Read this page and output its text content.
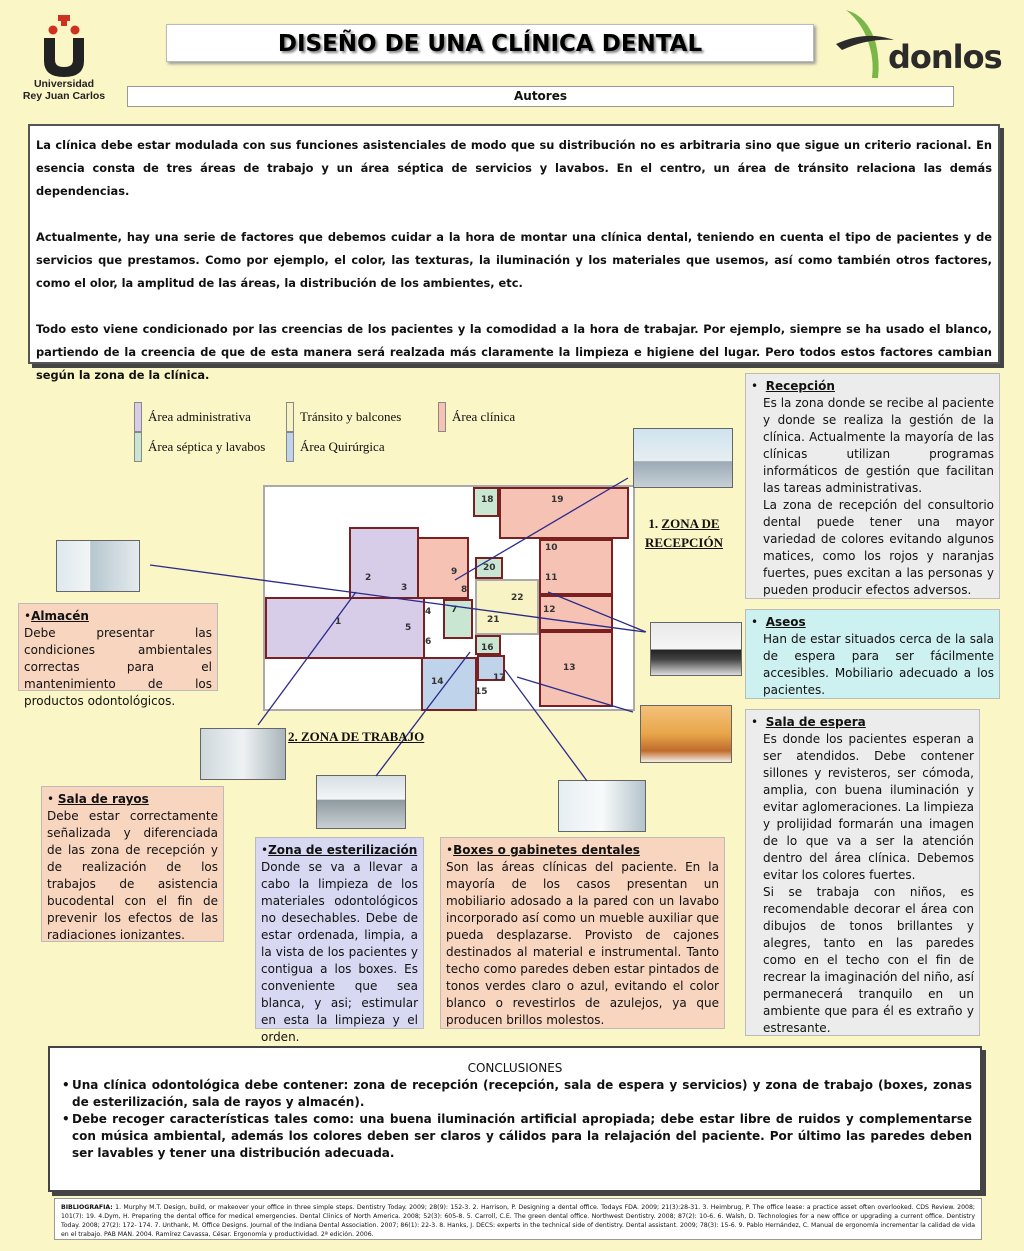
Universidad
Rey Juan Carlos
DISEÑO DE UNA CLÍNICA DENTAL	donlos
Autores

La clínica debe estar modulada con sus funciones asistenciales de modo que su distribución no es arbitraria sino que sigue un criterio racional. En esencia consta de tres áreas de trabajo y un área séptica de servicios y lavabos. En el centro, un área de tránsito relaciona las demás dependencias.

Actualmente, hay una serie de factores que debemos cuidar a la hora de montar una clínica dental, teniendo en cuenta el tipo de pacientes y de servicios que prestamos. Como por ejemplo, el color, las texturas, la iluminación y los materiales que usemos, así como también otros factores, como el olor, la amplitud de las áreas, la distribución de los ambientes, etc.

Todo esto viene condicionado por las creencias de los pacientes y la comodidad a la hora de trabajar. Por ejemplo, siempre se ha usado el blanco, partiendo de la creencia de que de esta manera será realzada más claramente la limpieza e higiene del lugar. Pero todos estos factores cambian según la zona de la clínica.

Área administrativa	Tránsito y balcones	Área clínica
Área séptica y lavabos	Área Quirúrgica
18	19
10
11
12
13
20
22
9
8
7
21
16
17
4
3
2
1
5
6
14
15
1. ZONA DE
RECEPCIÓN
2. ZONA DE TRABAJO
•Almacén
Debe presentar las condiciones ambientales correctas para el mantenimiento de los productos odontológicos.
• Sala de rayos
Debe estar correctamente señalizada y diferenciada de las zona de recepción y de realización de los trabajos de asistencia bucodental con el fin de prevenir los efectos de las radiaciones ionizantes.
•Zona de esterilización
Donde se va a llevar a cabo la limpieza de los materiales odontológicos no desechables. Debe de estar ordenada, limpia, a la vista de los pacientes y contigua a los boxes. Es conveniente que sea blanca, y asi; estimular en esta la limpieza y el orden.
•Boxes o gabinetes dentales
Son las áreas clínicas del paciente. En la mayoría de los casos presentan un mobiliario adosado a la pared con un lavabo incorporado así como un mueble auxiliar que pueda desplazarse. Provisto de cajones destinados al material e instrumental. Tanto techo como paredes deben estar pintados de tonos verdes claro o azul, evitando el color blanco o revestirlos de azulejos, ya que producen brillos molestos.
•  Recepción
Es la zona donde se recibe al paciente y donde se realiza la gestión de la clínica. Actualmente la mayoría de las clínicas utilizan programas informáticos de gestión que facilitan las tareas administrativas.
La zona de recepción del consultorio dental puede tener una mayor variedad de colores evitando algunos matices, como los rojos y naranjas fuertes, pues excitan a las personas y pueden producir efectos adversos.
•  Aseos
Han de estar situados cerca de la sala de espera para ser fácilmente accesibles. Mobiliario adecuado a los pacientes.
•  Sala de espera
Es donde los pacientes esperan a ser atendidos. Debe contener sillones y revisteros, ser cómoda, amplia, con buena iluminación y evitar aglomeraciones. La limpieza y prolijidad formarán una imagen de lo que va a ser la atención dentro del área clínica. Debemos evitar los colores fuertes.
Si se trabaja con niños, es recomendable decorar el área con dibujos de tonos brillantes y alegres, tanto en las paredes como en el techo con el fin de recrear la imaginación del niño, así permanecerá tranquilo en un ambiente que para él es extraño y estresante.
CONCLUSIONES
• Una clínica odontológica debe contener: zona de recepción (recepción, sala de espera y servicios) y zona de trabajo (boxes, zonas de esterilización, sala de rayos y almacén).
• Debe recoger características tales como: una buena iluminación artificial apropiada; debe estar libre de ruidos y complementarse con música ambiental, además los colores deben ser claros y cálidos para la relajación del paciente. Por último las paredes deben ser lavables y tener una distribución adecuada.
BIBLIOGRAFIA: 1. Murphy M.T. Design, build, or makeover your office in three simple steps. Dentistry Today. 2009; 28(9): 152-3. 2. Harrison, P. Designing a dental office. Todays FDA. 2009; 21(3):28-31. 3. Heimbrug, P. The office lease: a practice asset often overlooked. CDS Review. 2008; 101(7): 19. 4.Dym, H. Preparing the dental office for medical emergencies. Dental Clinics of North America. 2008; 52(3): 605-8. 5. Carroll, C.E. The green dental office. Northwest Dentistry. 2008; 87(2): 10-6. 6. Walsh, D. Technologies for a new office or upgrading a current office. Dentistry Today. 2008; 27(2): 172- 174. 7. Unthank, M. Office Designs. Journal of the Indiana Dental Association. 2007; 86(1): 22-3. 8. Hanks, J. DECS: experts in the technical side of dentistry. Dental assistant. 2009; 78(3): 15-6. 9. Pablo Hernández, C. Manual de ergonomía incrementar la calidad de vida en el trabajo. PAB MAN. 2004. Ramírez Cavassa, César. Ergonomía y productividad. 2ª edición. 2006.
